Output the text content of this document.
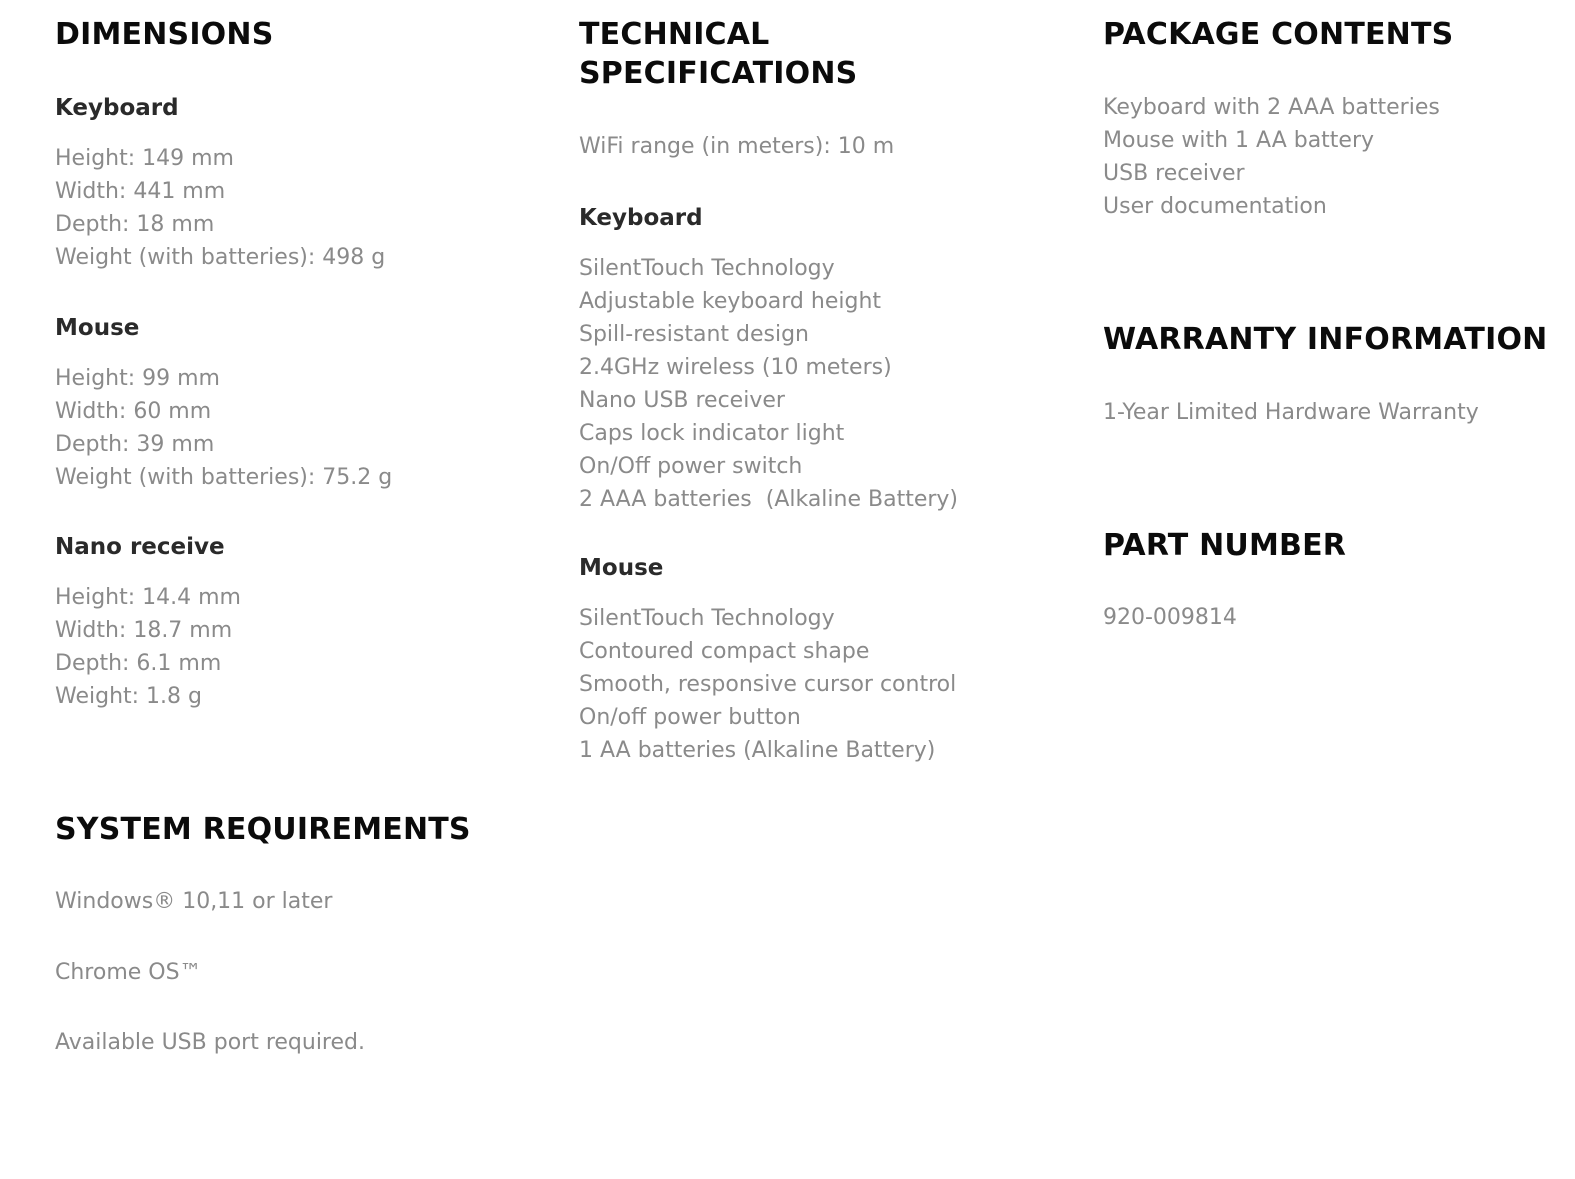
DIMENSIONS
Keyboard
Height: 149 mm
Width: 441 mm
Depth: 18 mm
Weight (with batteries): 498 g
Mouse
Height: 99 mm
Width: 60 mm
Depth: 39 mm
Weight (with batteries): 75.2 g
Nano receive
Height: 14.4 mm
Width: 18.7 mm
Depth: 6.1 mm
Weight: 1.8 g
SYSTEM REQUIREMENTS

Windows® 10,11 or later

Chrome OS™

Available USB port required.

TECHNICAL
SPECIFICATIONS

WiFi range (in meters): 10 m

Keyboard
SilentTouch Technology
Adjustable keyboard height
Spill-resistant design
2.4GHz wireless (10 meters)
Nano USB receiver
Caps lock indicator light
On/Off power switch
2 AAA batteries  (Alkaline Battery)
Mouse
SilentTouch Technology
Contoured compact shape
Smooth, responsive cursor control
On/off power button
1 AA batteries (Alkaline Battery)
PACKAGE CONTENTS
Keyboard with 2 AAA batteries
Mouse with 1 AA battery
USB receiver
User documentation
WARRANTY INFORMATION

1-Year Limited Hardware Warranty

PART NUMBER

920-009814
